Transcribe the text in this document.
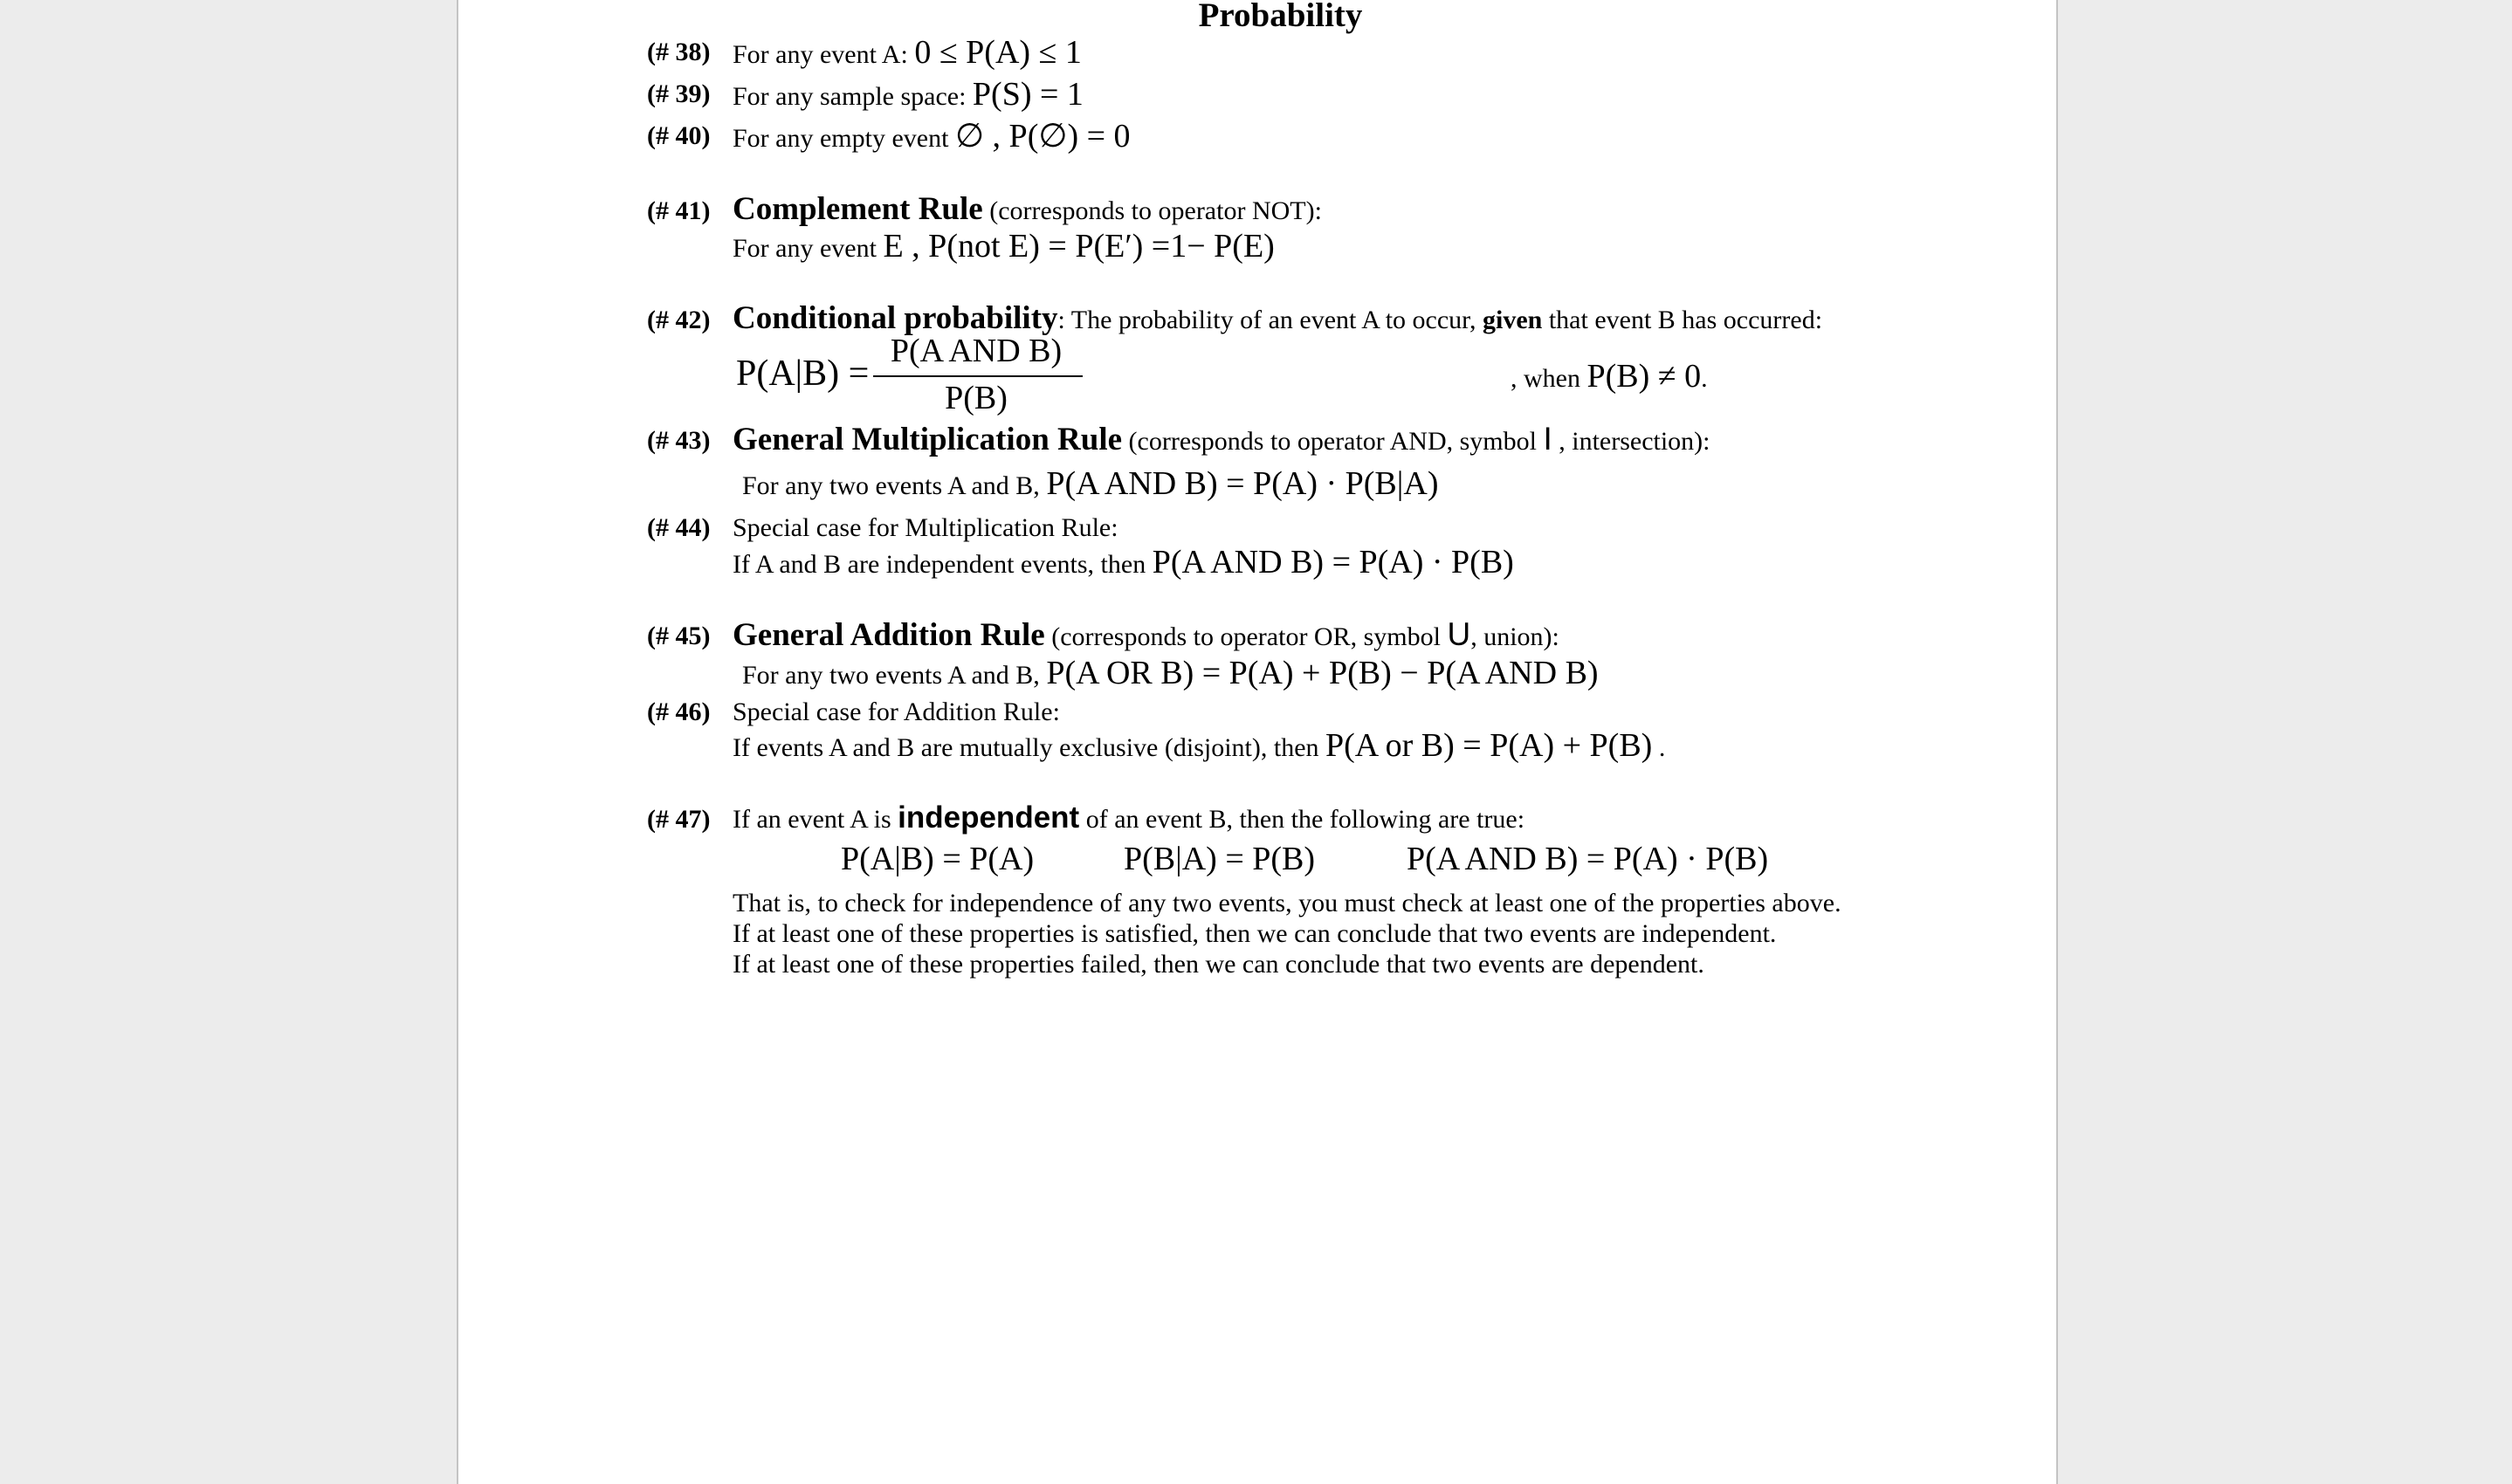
Probability
(# 38) For any event A: 0 ≤ P(A) ≤ 1
(# 39) For any sample space: P(S) = 1
(# 40) For any empty event ∅ , P(∅) = 0
(# 41) Complement Rule (corresponds to operator NOT):
For any event E , P(not E) = P(E′) =1− P(E)
(# 42) Conditional probability: The probability of an event A to occur, given that event B has occurred:
P(A|B) =
P(A AND B)
P(B)
, when P(B) ≠ 0.
(# 43) General Multiplication Rule (corresponds to operator AND, symbol I , intersection):
For any two events A and B, P(A AND B) = P(A) · P(B|A)
(# 44) Special case for Multiplication Rule:
If A and B are independent events, then P(A AND B) = P(A) · P(B)
(# 45) General Addition Rule (corresponds to operator OR, symbol U, union):
For any two events A and B, P(A OR B) = P(A) + P(B) − P(A AND B)
(# 46) Special case for Addition Rule:
If events A and B are mutually exclusive (disjoint), then P(A or B) = P(A) + P(B) .
(# 47) If an event A is independent of an event B, then the following are true:
P(A|B) = P(A)	P(B|A) = P(B)	P(A AND B) = P(A) · P(B)
That is, to check for independence of any two events, you must check at least one of the properties above.
If at least one of these properties is satisfied, then we can conclude that two events are independent.
If at least one of these properties failed, then we can conclude that two events are dependent.
